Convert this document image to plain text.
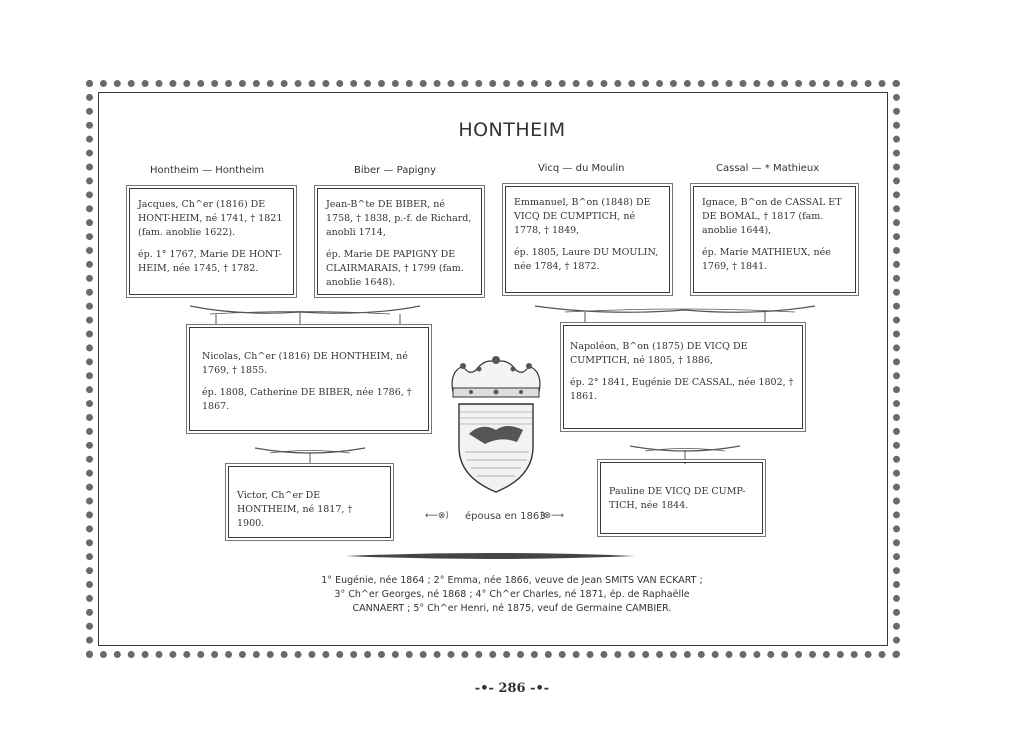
HONTHEIM
Hontheim — Hontheim	Biber — Papigny	Vicq — du Moulin	Cassal — * Mathieux

Jacques, Ch^er (1816) DE HONT-HEIM, né 1741, † 1821 (fam. anoblie 1622).

ép. 1° 1767, Marie DE HONT-HEIM, née 1745, † 1782.

Jean-B^te DE BIBER, né 1758, † 1838, p.-f. de Richard, anobli 1714,

ép. Marie DE PAPIGNY DE CLAIRMARAIS, † 1799 (fam. anoblie 1648).

Emmanuel, B^on (1848) DE VICQ DE CUMPTICH, né 1778, † 1849,

ép. 1805, Laure DU MOULIN, née 1784, † 1872.

Ignace, B^on de CASSAL ET DE BOMAL, † 1817 (fam. anoblie 1644),

ép. Marie MATHIEUX, née 1769, † 1841.

Nicolas, Ch^er (1816) DE HONTHEIM, né 1769, † 1855.

ép. 1808, Catherine DE BIBER, née 1786, † 1867.

Napoléon, B^on (1875) DE VICQ DE CUMPTICH, né 1805, † 1886,

ép. 2° 1841, Eugénie DE CASSAL, née 1802, † 1861.

Victor, Ch^er DE HONTHEIM, né 1817, † 1900.

Pauline DE VICQ DE CUMP-TICH, née 1844.

⟵⊗⟩ épousa en 1863
⟨⊗⟶

1° Eugénie, née 1864 ; 2° Emma, née 1866, veuve de Jean SMITS VAN ECKART ;

3° Ch^er Georges, né 1868 ; 4° Ch^er Charles, né 1871, ép. de Raphaëlle

CANNAERT ; 5° Ch^er Henri, né 1875, veuf de Germaine CAMBIER.

-•- 286 -•-
